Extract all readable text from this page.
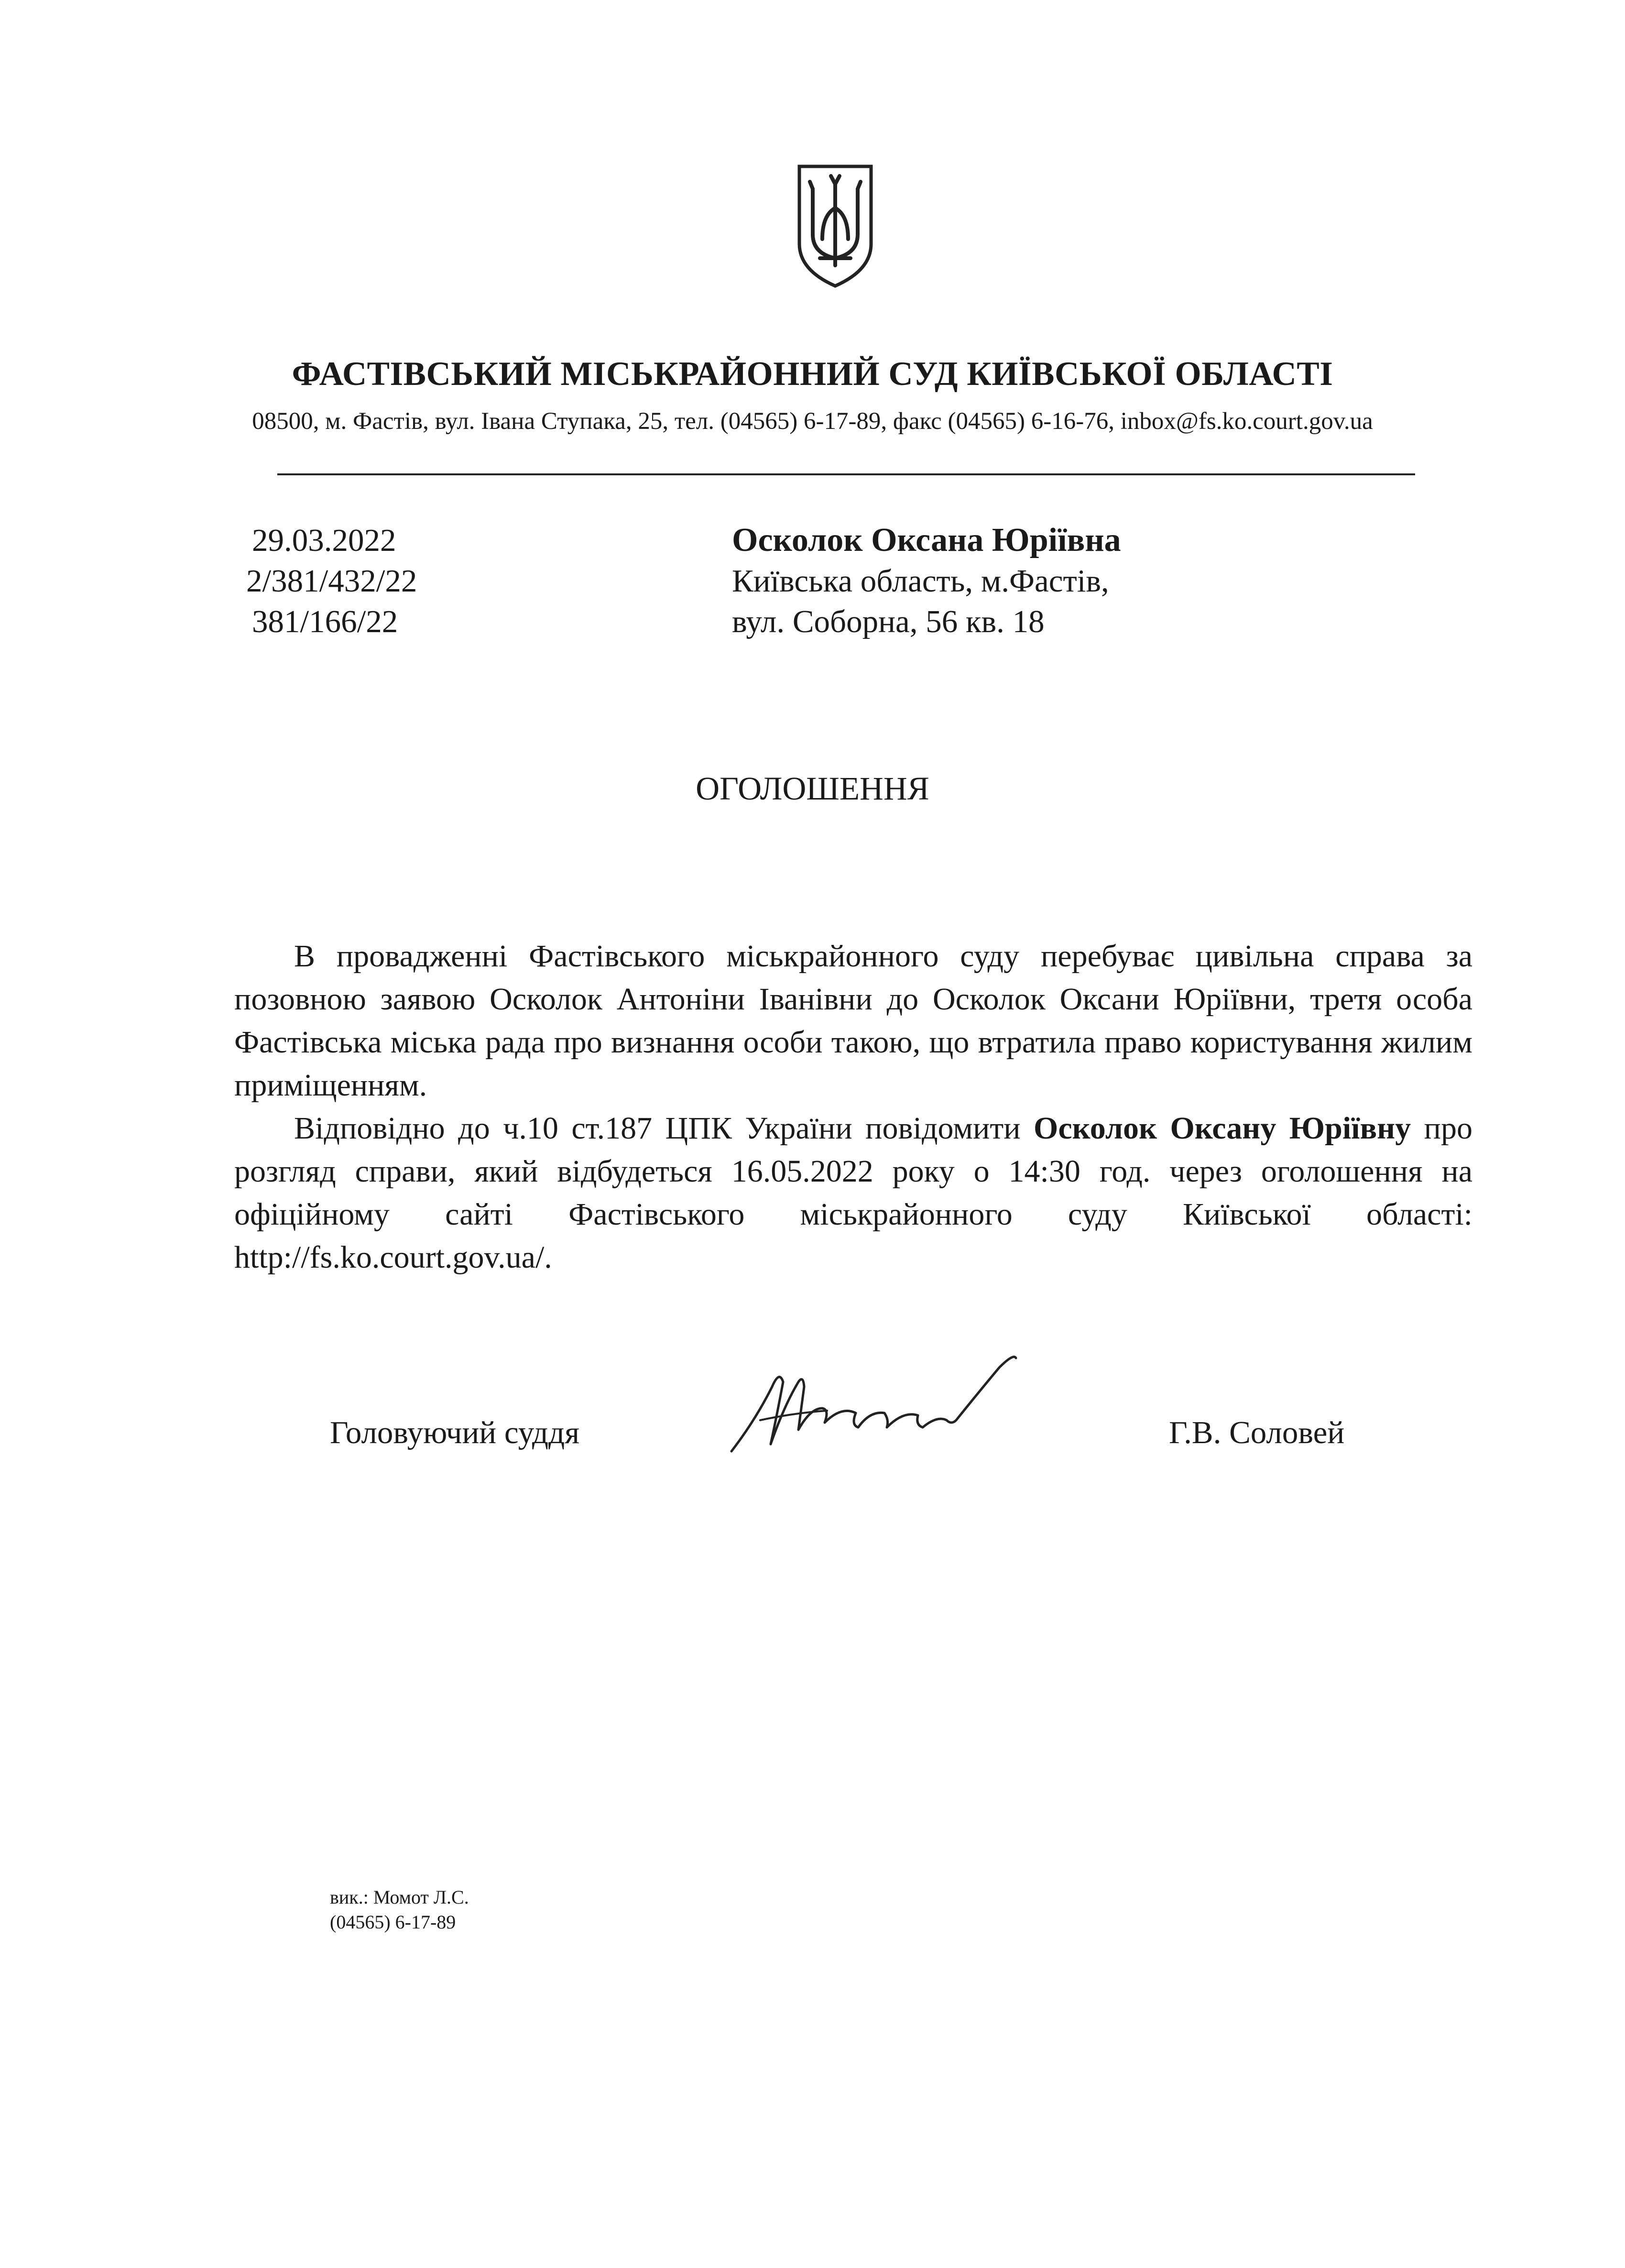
ФАСТІВСЬКИЙ МІСЬКРАЙОННИЙ СУД КИЇВСЬКОЇ ОБЛАСТІ

08500, м. Фастів, вул. Івана Ступака, 25, тел. (04565) 6-17-89, факс (04565) 6-16-76, inbox@fs.ko.court.gov.ua

29.03.2022

2/381/432/22

381/166/22

Осколок Оксана Юріївна

Київська область, м.Фастів,

вул. Соборна, 56 кв. 18

ОГОЛОШЕННЯ

В провадженні Фастівського міськрайонного суду перебуває цивільна справа за позовною заявою Осколок Антоніни Іванівни до Осколок Оксани Юріївни, третя особа Фастівська міська рада про визнання особи такою, що втратила право користування жилим приміщенням.

Відповідно до ч.10 ст.187 ЦПК України повідомити Осколок Оксану Юріївну про розгляд справи, який відбудеться 16.05.2022 року о 14:30 год. через оголошення на офіційному сайті Фастівського міськрайонного суду Київської області: http://fs.ko.court.gov.ua/.

Головуючий суддя	Г.В. Соловей

вик.: Момот Л.С.

(04565) 6-17-89
